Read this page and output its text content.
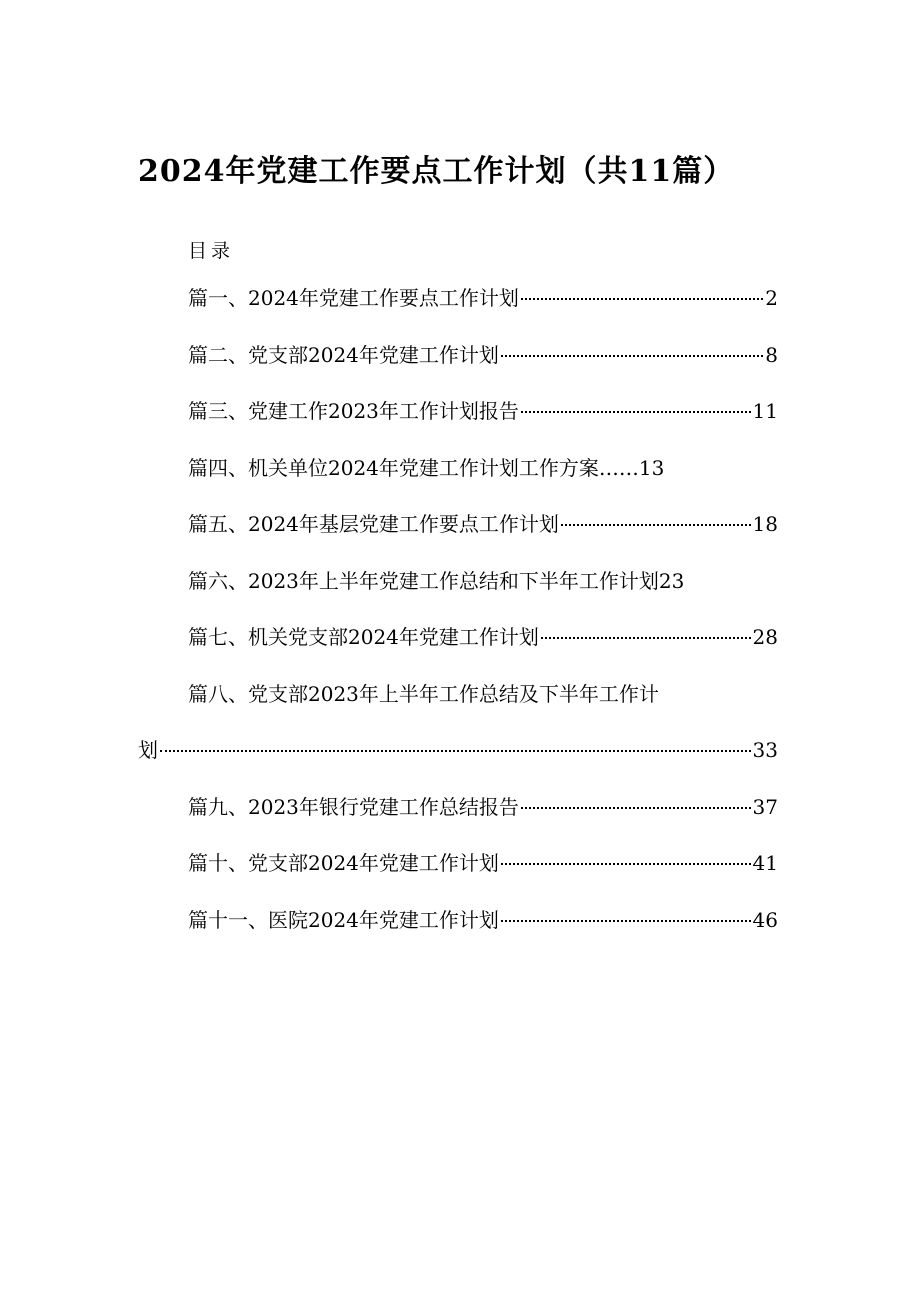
2024年党建工作要点工作计划（共11篇）
目录
篇一、2024年党建工作要点工作计划	2
篇二、党支部2024年党建工作计划	8
篇三、党建工作2023年工作计划报告	11
篇四、机关单位2024年党建工作计划工作方案 …… 13
篇五、2024年基层党建工作要点工作计划	18
篇六、2023年上半年党建工作总结和下半年工作计划 23
篇七、机关党支部2024年党建工作计划	28
篇八、党支部2023年上半年工作总结及下半年工作计
划	33
篇九、2023年银行党建工作总结报告	37
篇十、党支部2024年党建工作计划	41
篇十一、医院2024年党建工作计划	46
